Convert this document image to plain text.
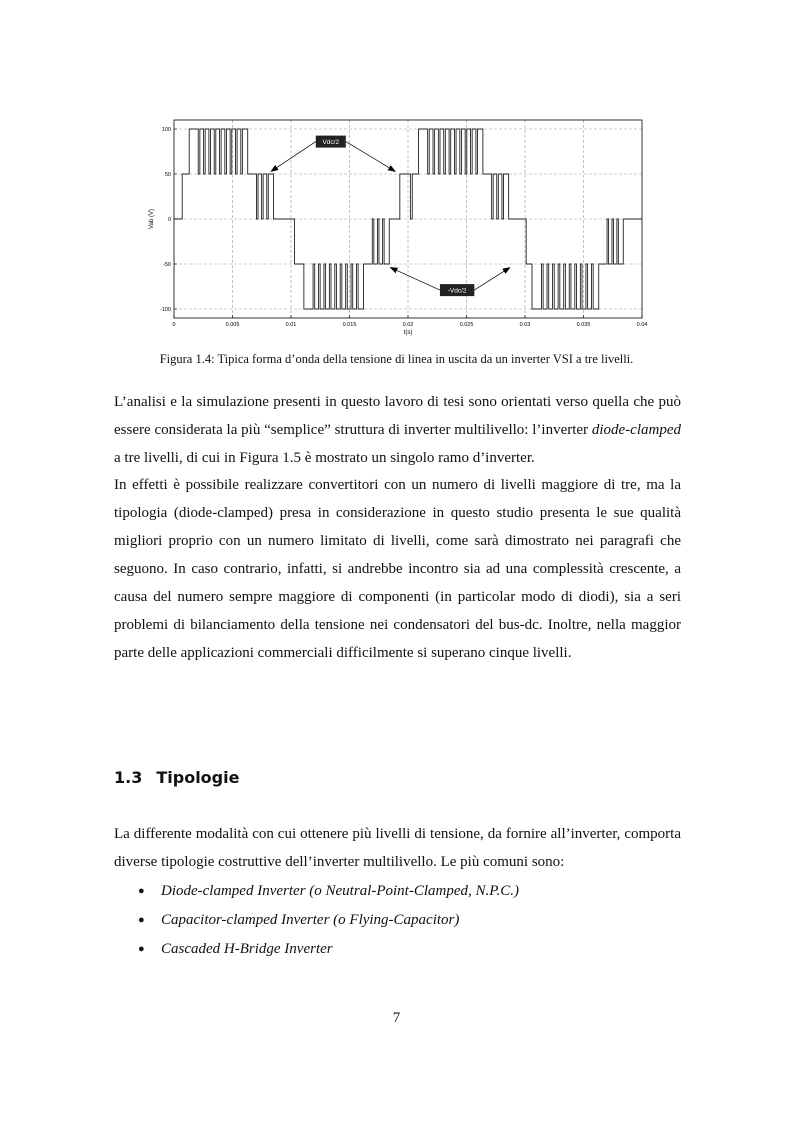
0	0.005	0.01	0.015	0.02	0.025	0.03	0.035	0.04
100
50
0
-50
-100
t(s)
Vab (V)
Vdc/2
-Vdc/2
Figura 1.4: Tipica forma d’onda della tensione di linea in uscita da un inverter VSI a tre livelli.

L’analisi e la simulazione presenti in questo lavoro di tesi sono orientati verso quella che può essere considerata la più “semplice” struttura di inverter multilivello: l’inverter diode-clamped a tre livelli, di cui in Figura 1.5 è mostrato un singolo ramo d’inverter.

In effetti è possibile realizzare convertitori con un numero di livelli maggiore di tre, ma la tipologia (diode-clamped) presa in considerazione in questo studio presenta le sue qualità migliori proprio con un numero limitato di livelli, come sarà dimostrato nei paragrafi che seguono. In caso contrario, infatti, si andrebbe incontro sia ad una complessità crescente, a causa del numero sempre maggiore di componenti (in particolar modo di diodi), sia a seri problemi di bilanciamento della tensione nei condensatori del bus-dc. Inoltre, nella maggior parte delle applicazioni commerciali difficilmente si superano cinque livelli.

1.3 Tipologie

La differente modalità con cui ottenere più livelli di tensione, da fornire all’inverter, comporta diverse tipologie costruttive dell’inverter multilivello. Le più comuni sono:

● Diode-clamped Inverter (o Neutral-Point-Clamped, N.P.C.)
● Capacitor-clamped Inverter (o Flying-Capacitor)
● Cascaded H-Bridge Inverter
7
